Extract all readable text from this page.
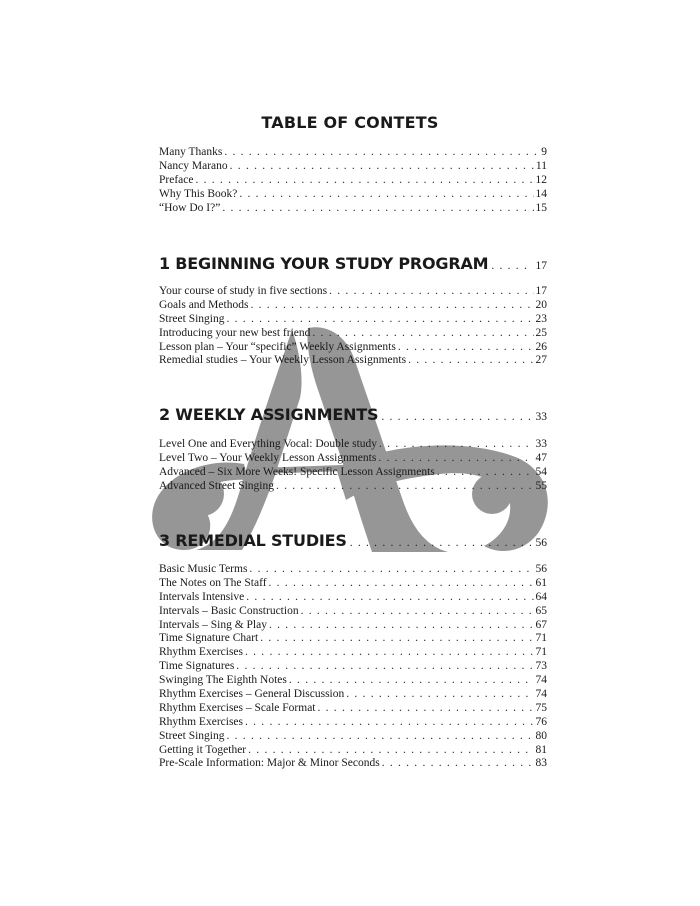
TABLE OF CONTETS
Many Thanks . . .	9
Nancy Marano . . .	11
Preface . . .	12
Why This Book? . . .	14
“How Do I?” . . .	15
1 BEGINNING YOUR STUDY PROGRAM . . .	17
Your course of study in five sections . . .	17
Goals and Methods . . .	20
Street Singing . . .	23
Introducing your new best friend . . .	25
Lesson plan – Your “specific” Weekly Assignments . . .	26
Remedial studies – Your Weekly Lesson Assignments . . .	27
2 WEEKLY ASSIGNMENTS . . .	33
Level One and Everything Vocal: Double study . . .	33
Level Two – Your Weekly Lesson Assignments . . .	47
Advanced – Six More Weeks! Specific Lesson Assignments . . .	54
Advanced Street Singing . . .	55
3 REMEDIAL STUDIES . . .	56
Basic Music Terms . . .	56
The Notes on The Staff . . .	61
Intervals Intensive . . .	64
Intervals – Basic Construction . . .	65
Intervals – Sing & Play . . .	67
Time Signature Chart . . .	71
Rhythm Exercises . . .	71
Time Signatures . . .	73
Swinging The Eighth Notes . . .	74
Rhythm Exercises – General Discussion . . .	74
Rhythm Exercises – Scale Format . . .	75
Rhythm Exercises . . .	76
Street Singing . . .	80
Getting it Together . . .	81
Pre-Scale Information: Major & Minor Seconds . . .	83
